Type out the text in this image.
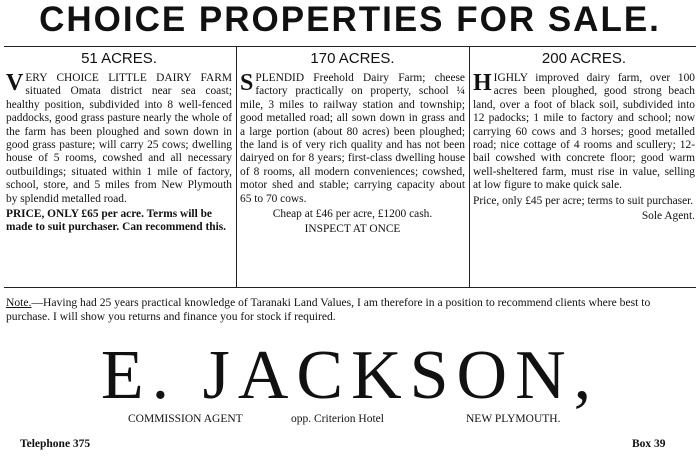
CHOICE PROPERTIES FOR SALE.
51 ACRES.

VERY CHOICE LITTLE DAIRY FARM situated Omata district near sea coast; healthy position, subdivided into 8 well-fenced paddocks, good grass pasture nearly the whole of the farm has been ploughed and sown down in good grass pasture; will carry 25 cows; dwelling house of 5 rooms, cowshed and all necessary outbuildings; situated within 1 mile of factory, school, store, and 5 miles from New Plymouth by splendid metalled road.

PRICE, ONLY £65 per acre. Terms will be made to suit purchaser. Can recommend this.

170 ACRES.

SPLENDID Freehold Dairy Farm; cheese factory practically on property, school ¼ mile, 3 miles to railway station and township; good metalled road; all sown down in grass and a large portion (about 80 acres) been ploughed; the land is of very rich quality and has not been dairyed on for 8 years; first-class dwelling house of 8 rooms, all modern conveniences; cowshed, motor shed and stable; carrying capacity about 65 to 70 cows.

Cheap at £46 per acre, £1200 cash.

INSPECT AT ONCE

200 ACRES.

HIGHLY improved dairy farm, over 100 acres been ploughed, good strong beach land, over a foot of black soil, subdivided into 12 padocks; 1 mile to factory and school; now carrying 60 cows and 3 horses; good metalled road; nice cottage of 4 rooms and scullery; 12-bail cowshed with concrete floor; good warm well-sheltered farm, must rise in value, selling at low figure to make quick sale.

Price, only £45 per acre; terms to suit purchaser.

Sole Agent.

Note.—Having had 25 years practical knowledge of Taranaki Land Values, I am therefore in a position to recommend clients where best to purchase. I will show you returns and finance you for stock if required.

E. JACKSON,
COMMISSION AGENT	opp. Criterion Hotel	NEW PLYMOUTH.
Telephone 375	Box 39
